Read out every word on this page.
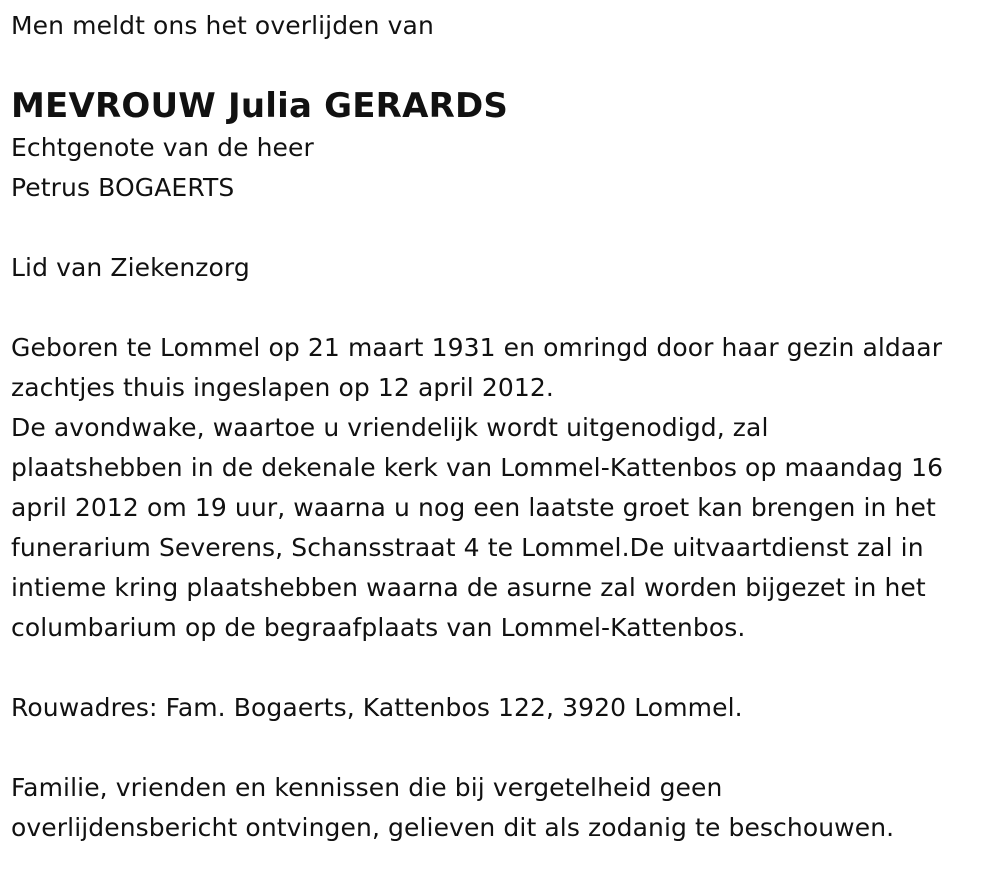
Men meldt ons het overlijden van
MEVROUW Julia GERARDS
Echtgenote van de heer
Petrus BOGAERTS
Lid van Ziekenzorg
Geboren te Lommel op 21 maart 1931 en omringd door haar gezin aldaar
zachtjes thuis ingeslapen op 12 april 2012.
De avondwake, waartoe u vriendelijk wordt uitgenodigd, zal
plaatshebben in de dekenale kerk van Lommel-Kattenbos op maandag 16
april 2012 om 19 uur, waarna u nog een laatste groet kan brengen in het
funerarium Severens, Schansstraat 4 te Lommel.De uitvaartdienst zal in
intieme kring plaatshebben waarna de asurne zal worden bijgezet in het
columbarium op de begraafplaats van Lommel-Kattenbos.
Rouwadres: Fam. Bogaerts, Kattenbos 122, 3920 Lommel.
Familie, vrienden en kennissen die bij vergetelheid geen
overlijdensbericht ontvingen, gelieven dit als zodanig te beschouwen.
